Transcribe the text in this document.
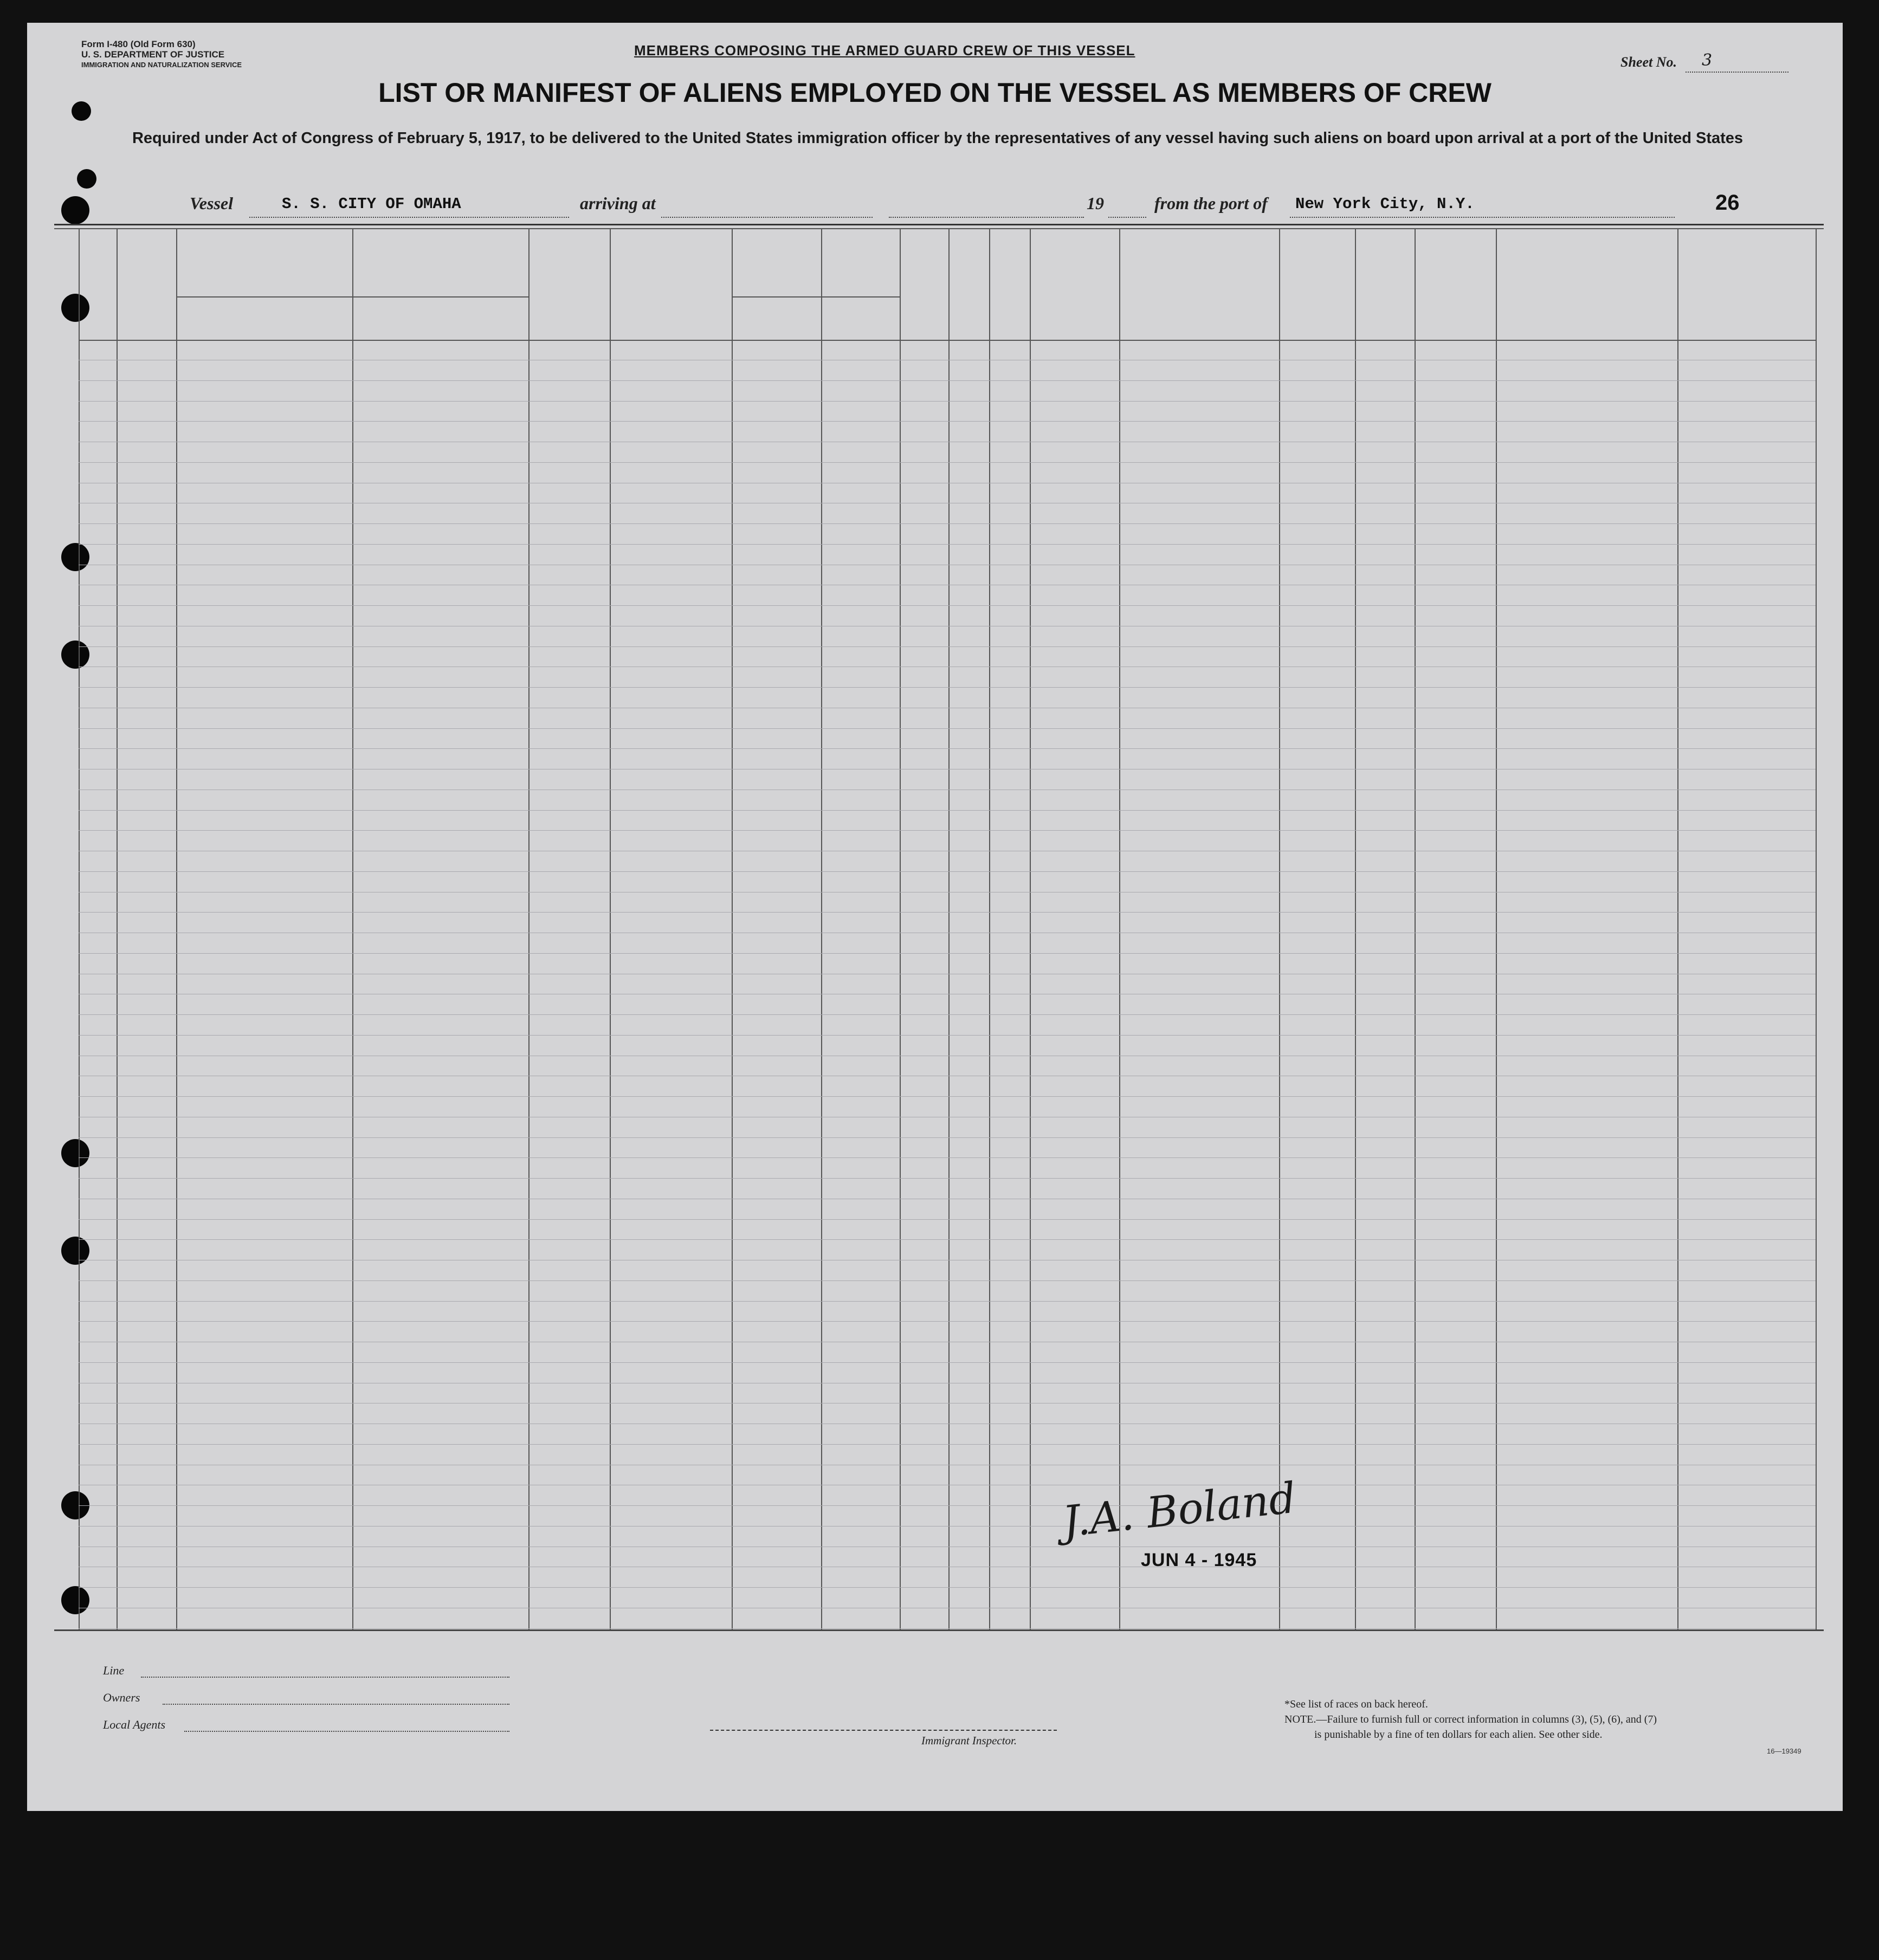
Form I-480 (Old Form 630)
U. S. DEPARTMENT OF JUSTICE
IMMIGRATION AND NATURALIZATION SERVICE
MEMBERS COMPOSING THE ARMED GUARD CREW OF THIS VESSEL
Sheet No. 3
LIST OR MANIFEST OF ALIENS EMPLOYED ON THE VESSEL AS MEMBERS OF CREW
Required under Act of Congress of February 5, 1917, to be delivered to the United States immigration officer by the representatives of any vessel having such aliens on board upon arrival at a port of the United States
Vessel	S. S. CITY OF OMAHA	arriving at	19	from the port of New York City, N.Y.	26
J.A. Boland
JUN 4 - 1945
Line
Owners
Local Agents
Immigrant Inspector.
*See list of races on back hereof.
NOTE.—Failure to furnish full or correct information in columns (3), (5), (6), and (7)
is punishable by a fine of ten dollars for each alien. See other side.
16—19349
